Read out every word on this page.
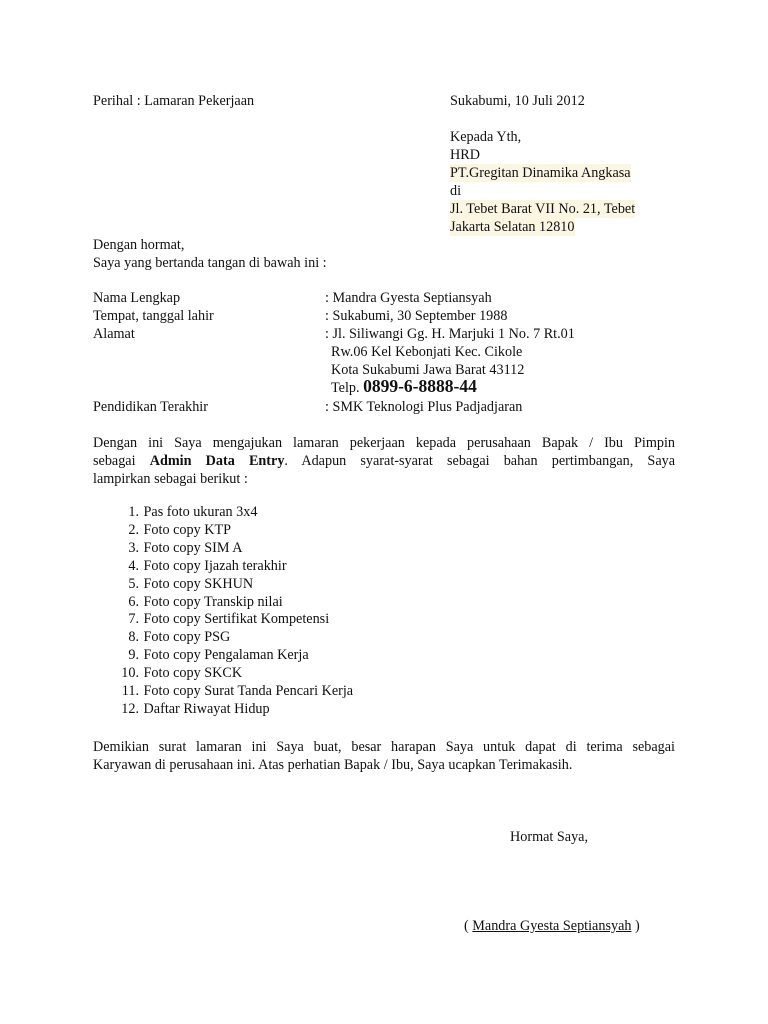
Perihal : Lamaran Pekerjaan	Sukabumi, 10 Juli 2012
Kepada Yth,
HRD
PT.Gregitan Dinamika Angkasa
di
Jl. Tebet Barat VII No. 21, Tebet
Jakarta Selatan 12810
Dengan hormat,
Saya yang bertanda tangan di bawah ini :
Nama Lengkap	: Mandra Gyesta Septiansyah
Tempat, tanggal lahir	: Sukabumi, 30 September 1988
Alamat	: Jl. Siliwangi Gg. H. Marjuki 1 No. 7 Rt.01
Rw.06 Kel Kebonjati Kec. Cikole
Kota Sukabumi Jawa Barat 43112
Telp. 0899-6-8888-44
Pendidikan Terakhir	: SMK Teknologi Plus Padjadjaran
Dengan ini Saya mengajukan lamaran pekerjaan kepada perusahaan Bapak / Ibu Pimpin
sebagai Admin Data Entry. Adapun syarat-syarat sebagai bahan pertimbangan, Saya
lampirkan sebagai berikut :
1. Pas foto ukuran 3x4
2. Foto copy KTP
3. Foto copy SIM A
4. Foto copy Ijazah terakhir
5. Foto copy SKHUN
6. Foto copy Transkip nilai
7. Foto copy Sertifikat Kompetensi
8. Foto copy PSG
9. Foto copy Pengalaman Kerja
10. Foto copy SKCK
11. Foto copy Surat Tanda Pencari Kerja
12. Daftar Riwayat Hidup
Demikian surat lamaran ini Saya buat, besar harapan Saya untuk dapat di terima sebagai
Karyawan di perusahaan ini. Atas perhatian Bapak / Ibu, Saya ucapkan Terimakasih.
Hormat Saya,
( Mandra Gyesta Septiansyah )
